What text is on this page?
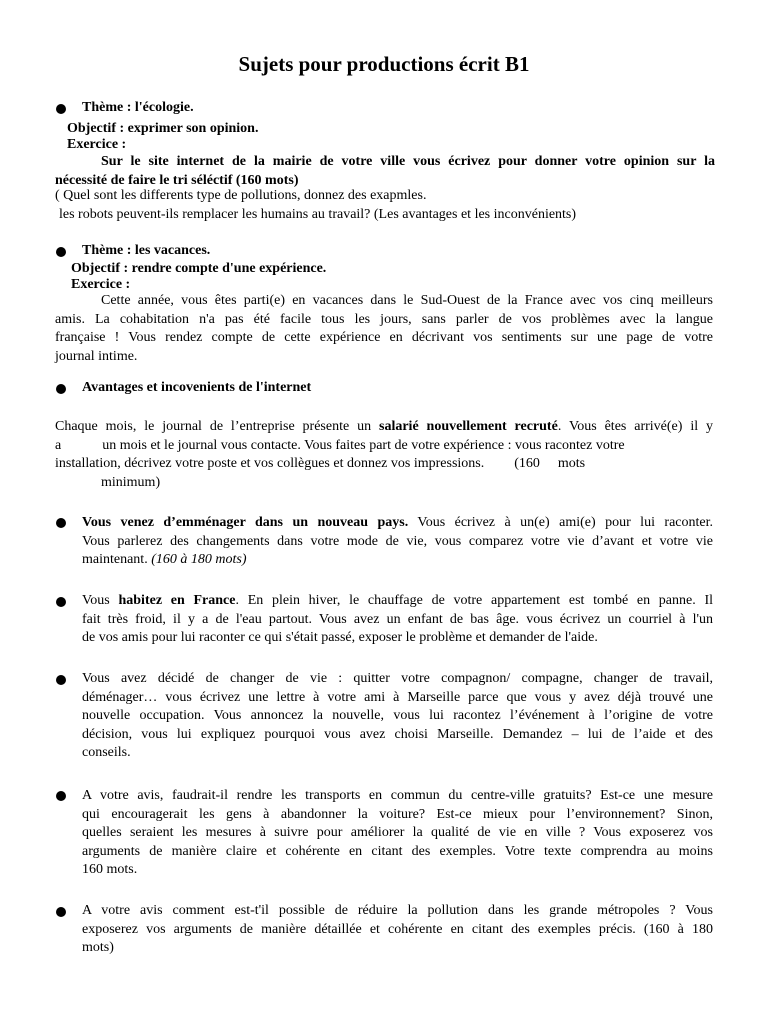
Sujets pour productions écrit B1
Thème : l'écologie.
Objectif : exprimer son opinion.
Exercice :

Sur le site internet de la mairie de votre ville vous écrivez pour donner votre opinion sur la

nécessité de faire le tri séléctif (160 mots)

( Quel sont les differents type de pollutions, donnez des exapmles.
les robots peuvent-ils remplacer les humains au travail? (Les avantages et les inconvénients)
Thème : les vacances.
Objectif : rendre compte d'une expérience.
Exercice :

Cette année, vous êtes parti(e) en vacances dans le Sud-Ouest de la France avec vos cinq meilleurs

amis. La cohabitation n'a pas été facile tous les jours, sans parler de vos problèmes avec la langue

française ! Vous rendez compte de cette expérience en décrivant vos sentiments sur une page de votre

journal intime.

Avantages et incovenients de l'internet

Chaque mois, le journal de l’entreprise présente un salarié nouvellement recruté. Vous êtes arrivé(e) il y

a	un mois et le journal vous contacte. Vous faites part de votre expérience : vous racontez votre

installation, décrivez votre poste et vos collègues et donnez vos impressions. (160 mots

minimum)

Vous venez d’emménager dans un nouveau pays. Vous écrivez à un(e) ami(e) pour lui raconter.

Vous parlerez des changements dans votre mode de vie, vous comparez votre vie d’avant et votre vie

maintenant. (160 à 180 mots)

Vous habitez en France. En plein hiver, le chauffage de votre appartement est tombé en panne. Il

fait très froid, il y a de l'eau partout. Vous avez un enfant de bas âge. vous écrivez un courriel à l'un

de vos amis pour lui raconter ce qui s'était passé, exposer le problème et demander de l'aide.

Vous avez décidé de changer de vie : quitter votre compagnon/ compagne, changer de travail,

déménager… vous écrivez une lettre à votre ami à Marseille parce que vous y avez déjà trouvé une

nouvelle occupation. Vous annoncez la nouvelle, vous lui racontez l’événement à l’origine de votre

décision, vous lui expliquez pourquoi vous avez choisi Marseille. Demandez – lui de l’aide et des

conseils.

A votre avis, faudrait-il rendre les transports en commun du centre-ville gratuits? Est-ce une mesure

qui encouragerait les gens à abandonner la voiture? Est-ce mieux pour l’environnement? Sinon,

quelles seraient les mesures à suivre pour améliorer la qualité de vie en ville ? Vous exposerez vos

arguments de manière claire et cohérente en citant des exemples. Votre texte comprendra au moins

160 mots.

A votre avis comment est-t'il possible de réduire la pollution dans les grande métropoles ? Vous

exposerez vos arguments de manière détaillée et cohérente en citant des exemples précis. (160 à 180

mots)
